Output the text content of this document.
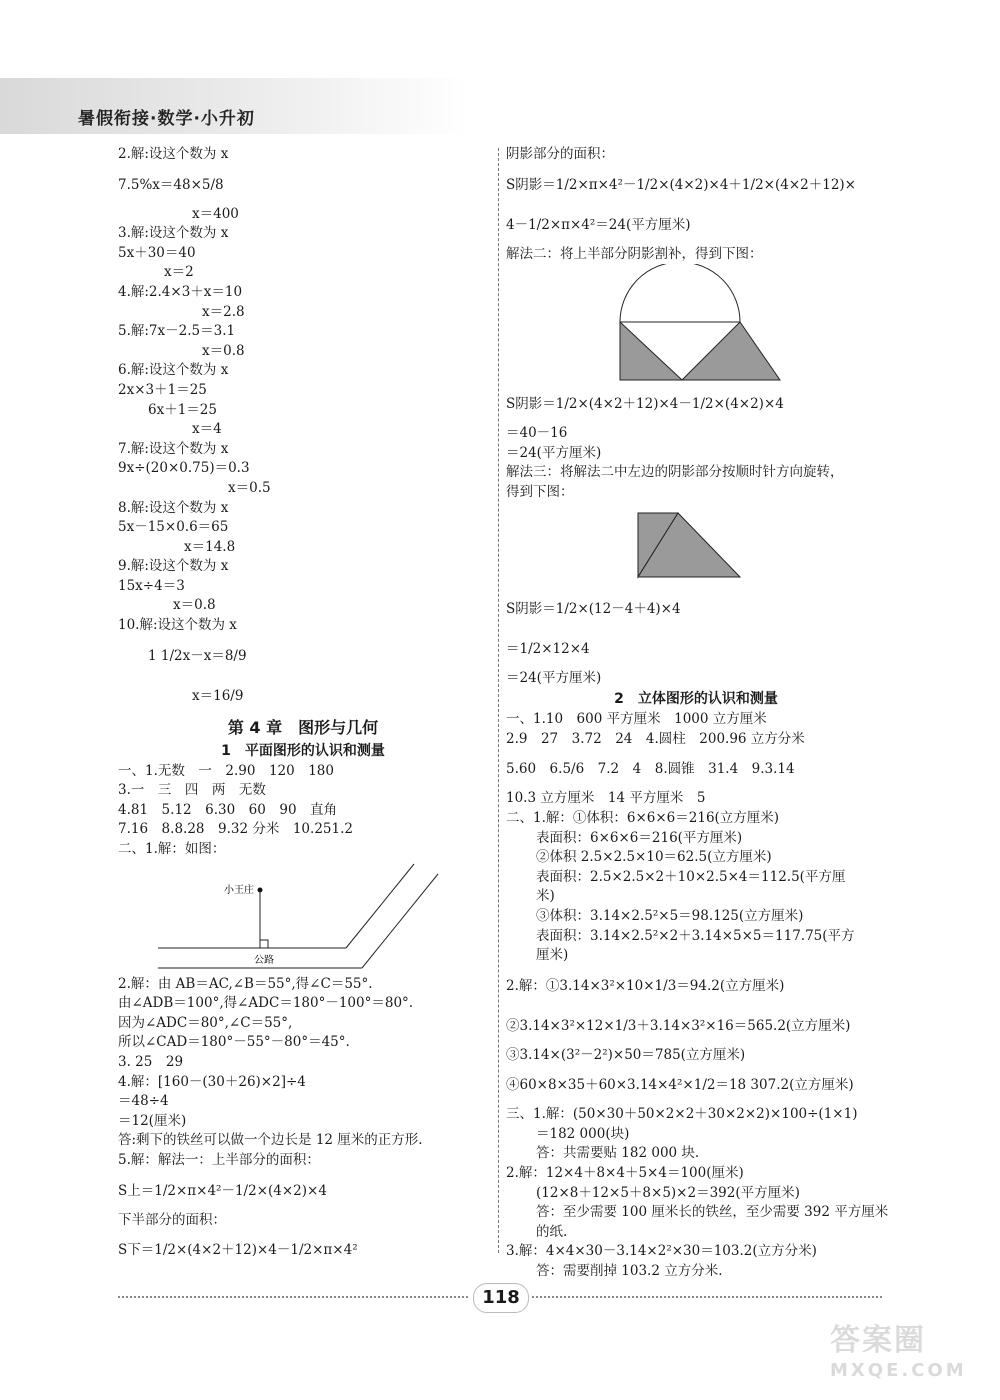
暑假衔接·数学·小升初
2.解:设这个数为 x
7.5%x＝48×5/8
x＝400
3.解:设这个数为 x
5x＋30＝40
x＝2
4.解:2.4×3＋x＝10
x＝2.8
5.解:7x－2.5＝3.1
x＝0.8
6.解:设这个数为 x
2x×3＋1＝25
6x＋1＝25
x＝4
7.解:设这个数为 x
9x÷(20×0.75)＝0.3
x＝0.5
8.解:设这个数为 x
5x－15×0.6＝65
x＝14.8
9.解:设这个数为 x
15x÷4＝3
x＝0.8
10.解:设这个数为 x
1 1/2x－x＝8/9
x＝16/9
第 4 章　图形与几何
1　平面图形的认识和测量
一、1.无数　一　2.90　120　180
3.一　三　四　两　无数
4.81　5.12　6.30　60　90　直角
7.16　8.8.28　9.32 分米　10.251.2
二、1.解：如图：
小王庄
公路
2.解：由 AB＝AC,∠B＝55°,得∠C＝55°.
由∠ADB＝100°,得∠ADC＝180°－100°＝80°.
因为∠ADC＝80°,∠C＝55°,
所以∠CAD＝180°－55°－80°＝45°.
3. 25　29
4.解：[160－(30＋26)×2]÷4
＝48÷4
＝12(厘米)
答:剩下的铁丝可以做一个边长是 12 厘米的正方形.
5.解：解法一：上半部分的面积：
S上＝1/2×π×4²－1/2×(4×2)×4
下半部分的面积：
S下＝1/2×(4×2＋12)×4－1/2×π×4²
阴影部分的面积：
S阴影＝1/2×π×4²－1/2×(4×2)×4＋1/2×(4×2＋12)×
4－1/2×π×4²＝24(平方厘米)
解法二：将上半部分阴影割补，得到下图：
S阴影＝1/2×(4×2＋12)×4－1/2×(4×2)×4
＝40－16
＝24(平方厘米)
解法三：将解法二中左边的阴影部分按顺时针方向旋转，
得到下图：
S阴影＝1/2×(12－4＋4)×4
＝1/2×12×4
＝24(平方厘米)
2　立体图形的认识和测量
一、1.10　600 平方厘米　1000 立方厘米
2.9　27　3.72　24　4.圆柱　200.96 立方分米
5.60　6.5/6　7.2　4　8.圆锥　31.4　9.3.14
10.3 立方厘米　14 平方厘米　5
二、1.解：①体积：6×6×6＝216(立方厘米)
表面积：6×6×6＝216(平方厘米)
②体积 2.5×2.5×10＝62.5(立方厘米)
表面积：2.5×2.5×2＋10×2.5×4＝112.5(平方厘
米)
③体积：3.14×2.5²×5＝98.125(立方厘米)
表面积：3.14×2.5²×2＋3.14×5×5＝117.75(平方
厘米)
2.解：①3.14×3²×10×1/3＝94.2(立方厘米)
②3.14×3²×12×1/3＋3.14×3²×16＝565.2(立方厘米)
③3.14×(3²－2²)×50＝785(立方厘米)
④60×8×35＋60×3.14×4²×1/2＝18 307.2(立方厘米)
三、1.解：(50×30＋50×2×2＋30×2×2)×100÷(1×1)
＝182 000(块)
答：共需要贴 182 000 块.
2.解：12×4＋8×4＋5×4＝100(厘米)
(12×8＋12×5＋8×5)×2＝392(平方厘米)
答：至少需要 100 厘米长的铁丝，至少需要 392 平方厘米
的纸.
3.解：4×4×30－3.14×2²×30＝103.2(立方分米)
答：需要削掉 103.2 立方分米.
118
答案圈
MXQE.COM
